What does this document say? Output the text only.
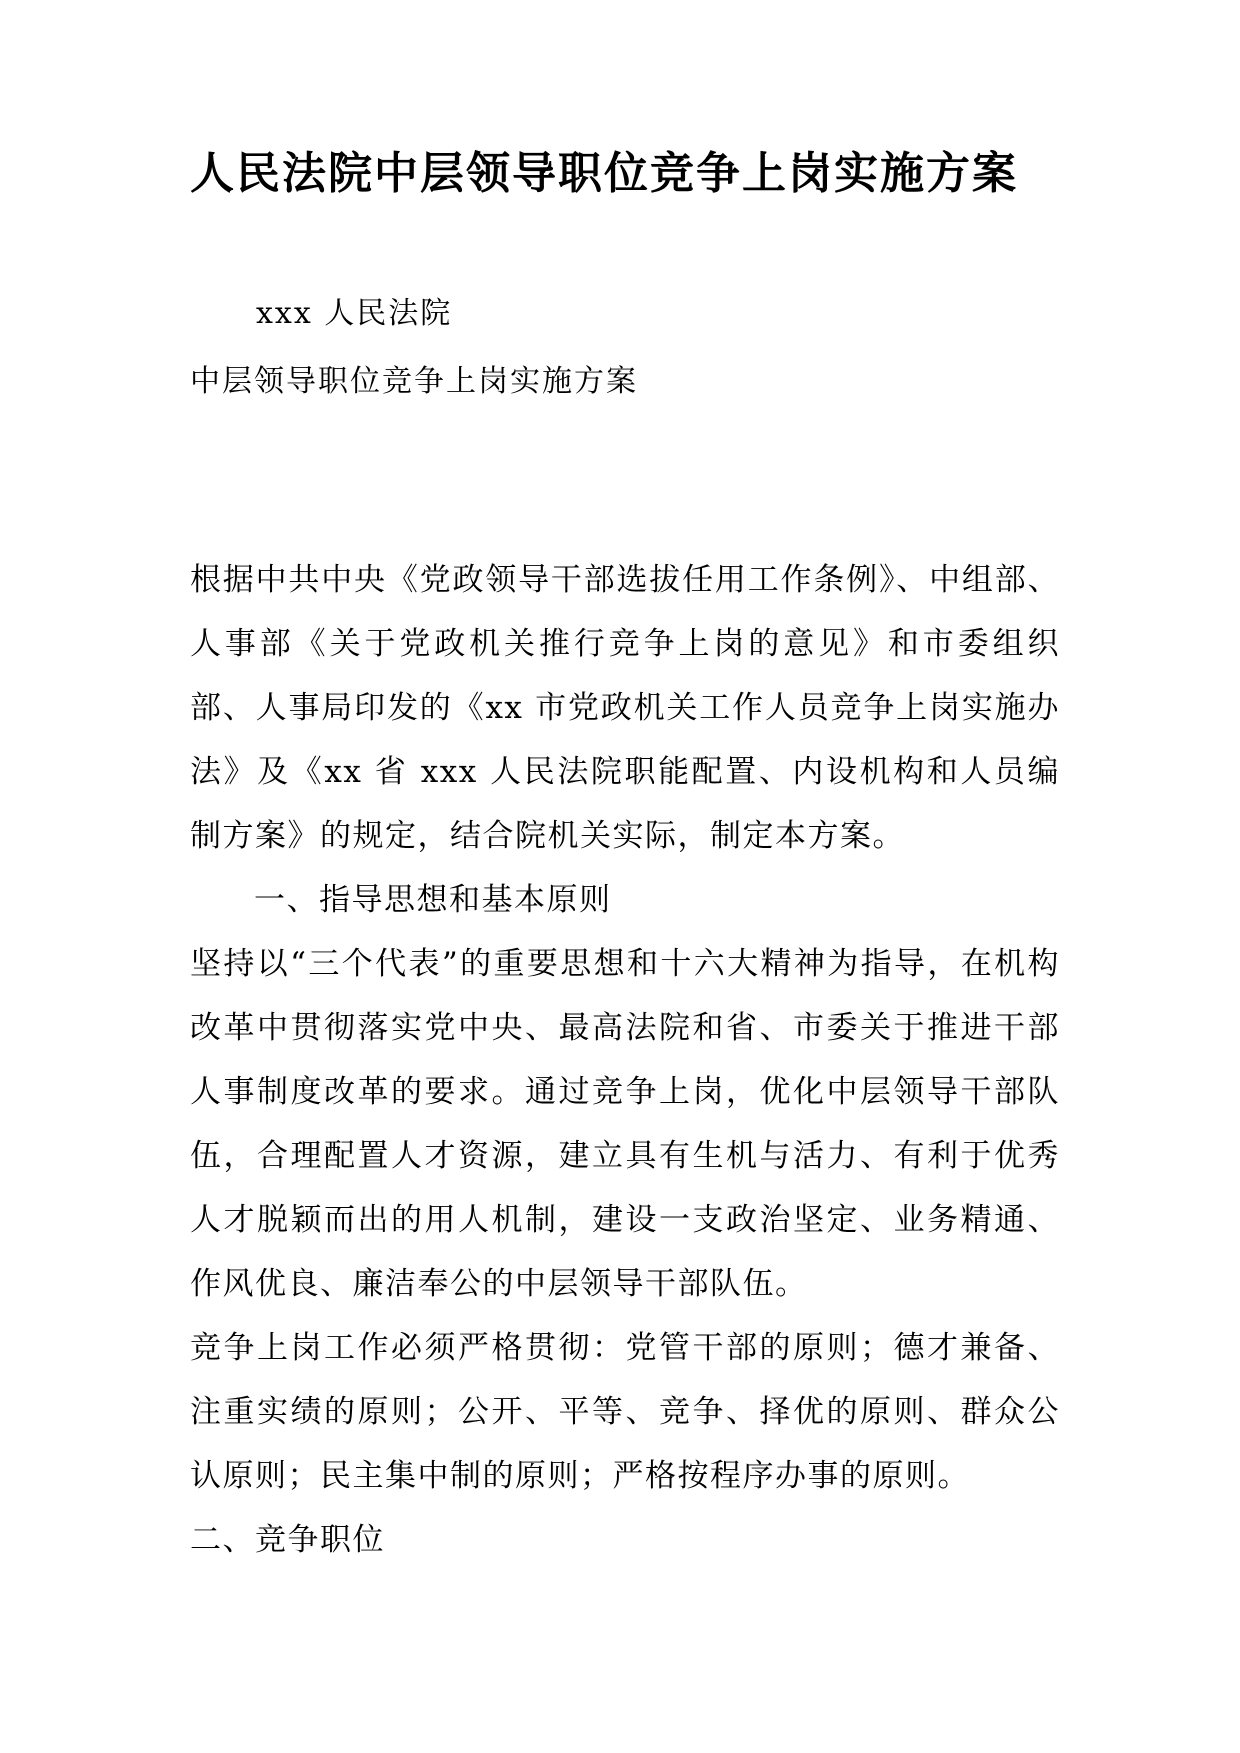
人民法院中层领导职位竞争上岗实施方案
xxx 人民法院
中层领导职位竞争上岗实施方案

根据中共中央《党政领导干部选拔任用工作条例》、中组部、人事部《关于党政机关推行竞争上岗的意见》和市委组织部、人事局印发的《xx 市党政机关工作人员竞争上岗实施办法》及《xx 省 xxx 人民法院职能配置、内设机构和人员编制方案》的规定，结合院机关实际，制定本方案。

一、指导思想和基本原则

坚持以“三个代表”的重要思想和十六大精神为指导，在机构改革中贯彻落实党中央、最高法院和省、市委关于推进干部人事制度改革的要求。通过竞争上岗，优化中层领导干部队伍，合理配置人才资源，建立具有生机与活力、有利于优秀人才脱颖而出的用人机制，建设一支政治坚定、业务精通、作风优良、廉洁奉公的中层领导干部队伍。

竞争上岗工作必须严格贯彻：党管干部的原则；德才兼备、注重实绩的原则；公开、平等、竞争、择优的原则、群众公认原则；民主集中制的原则；严格按程序办事的原则。

二、竞争职位
